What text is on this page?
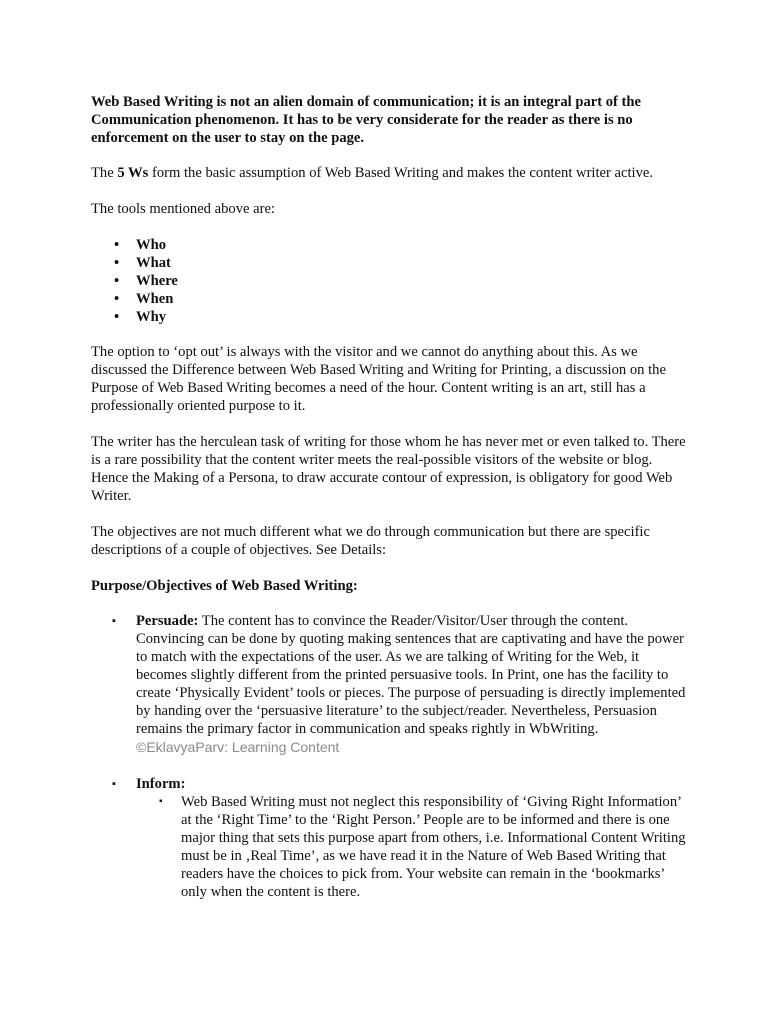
Web Based Writing is not an alien domain of communication; it is an integral part of the Communication phenomenon. It has to be very considerate for the reader as there is no enforcement on the user to stay on the page.

The 5 Ws form the basic assumption of Web Based Writing and makes the content writer active.

The tools mentioned above are:

• Who
• What
• Where
• When
• Why

The option to ‘opt out’ is always with the visitor and we cannot do anything about this. As we discussed the Difference between Web Based Writing and Writing for Printing, a discussion on the Purpose of Web Based Writing becomes a need of the hour. Content writing is an art, still has a professionally oriented purpose to it.

The writer has the herculean task of writing for those whom he has never met or even talked to. There is a rare possibility that the content writer meets the real-possible visitors of the website or blog. Hence the Making of a Persona, to draw accurate contour of expression, is obligatory for good Web Writer.

The objectives are not much different what we do through communication but there are specific descriptions of a couple of objectives. See Details:

Purpose/Objectives of Web Based Writing:

▪ Persuade: The content has to convince the Reader/Visitor/User through the content. Convincing can be done by quoting making sentences that are captivating and have the power to match with the expectations of the user. As we are talking of Writing for the Web, it becomes slightly different from the printed persuasive tools. In Print, one has the facility to create ‘Physically Evident’ tools or pieces. The purpose of persuading is directly implemented by handing over the ‘persuasive literature’ to the subject/reader. Nevertheless, Persuasion remains the primary factor in communication and speaks rightly in WbWriting. ©EklavyaParv: Learning Content
▪ Inform:
▪ Web Based Writing must not neglect this responsibility of ‘Giving Right Information’ at the ‘Right Time’ to the ‘Right Person.’ People are to be informed and there is one major thing that sets this purpose apart from others, i.e. Informational Content Writing must be in ‚Real Time’, as we have read it in the Nature of Web Based Writing that readers have the choices to pick from. Your website can remain in the ‘bookmarks’ only when the content is there.
